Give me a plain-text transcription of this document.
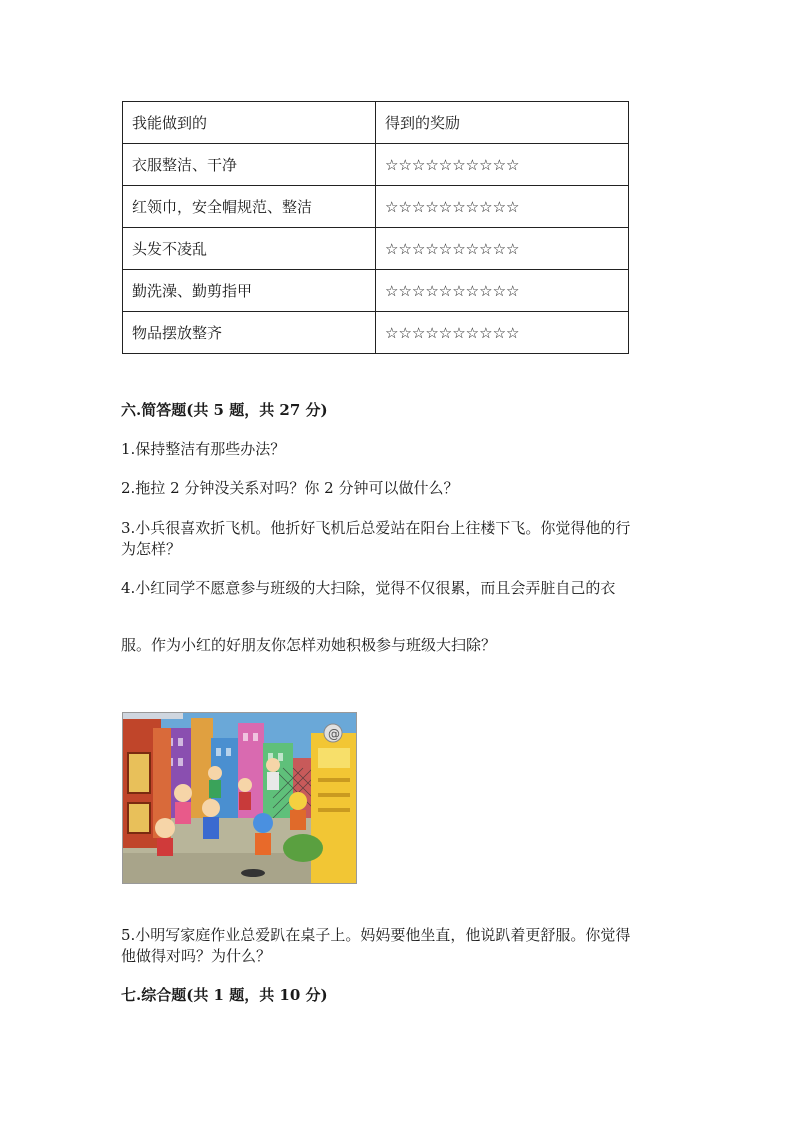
我能做到的	得到的奖励
衣服整洁、干净	☆☆☆☆☆☆☆☆☆☆
红领巾，安全帽规范、整洁	☆☆☆☆☆☆☆☆☆☆
头发不凌乱	☆☆☆☆☆☆☆☆☆☆
勤洗澡、勤剪指甲	☆☆☆☆☆☆☆☆☆☆
物品摆放整齐	☆☆☆☆☆☆☆☆☆☆
六.简答题(共 5 题，共 27 分)
1.保持整洁有那些办法？
2.拖拉 2 分钟没关系对吗？你 2 分钟可以做什么？
3.小兵很喜欢折飞机。他折好飞机后总爱站在阳台上往楼下飞。你觉得他的行
为怎样？
4.小红同学不愿意参与班级的大扫除，觉得不仅很累，而且会弄脏自己的衣
服。作为小红的好朋友你怎样劝她积极参与班级大扫除？
@
5.小明写家庭作业总爱趴在桌子上。妈妈要他坐直，他说趴着更舒服。你觉得
他做得对吗？为什么？
七.综合题(共 1 题，共 10 分)
